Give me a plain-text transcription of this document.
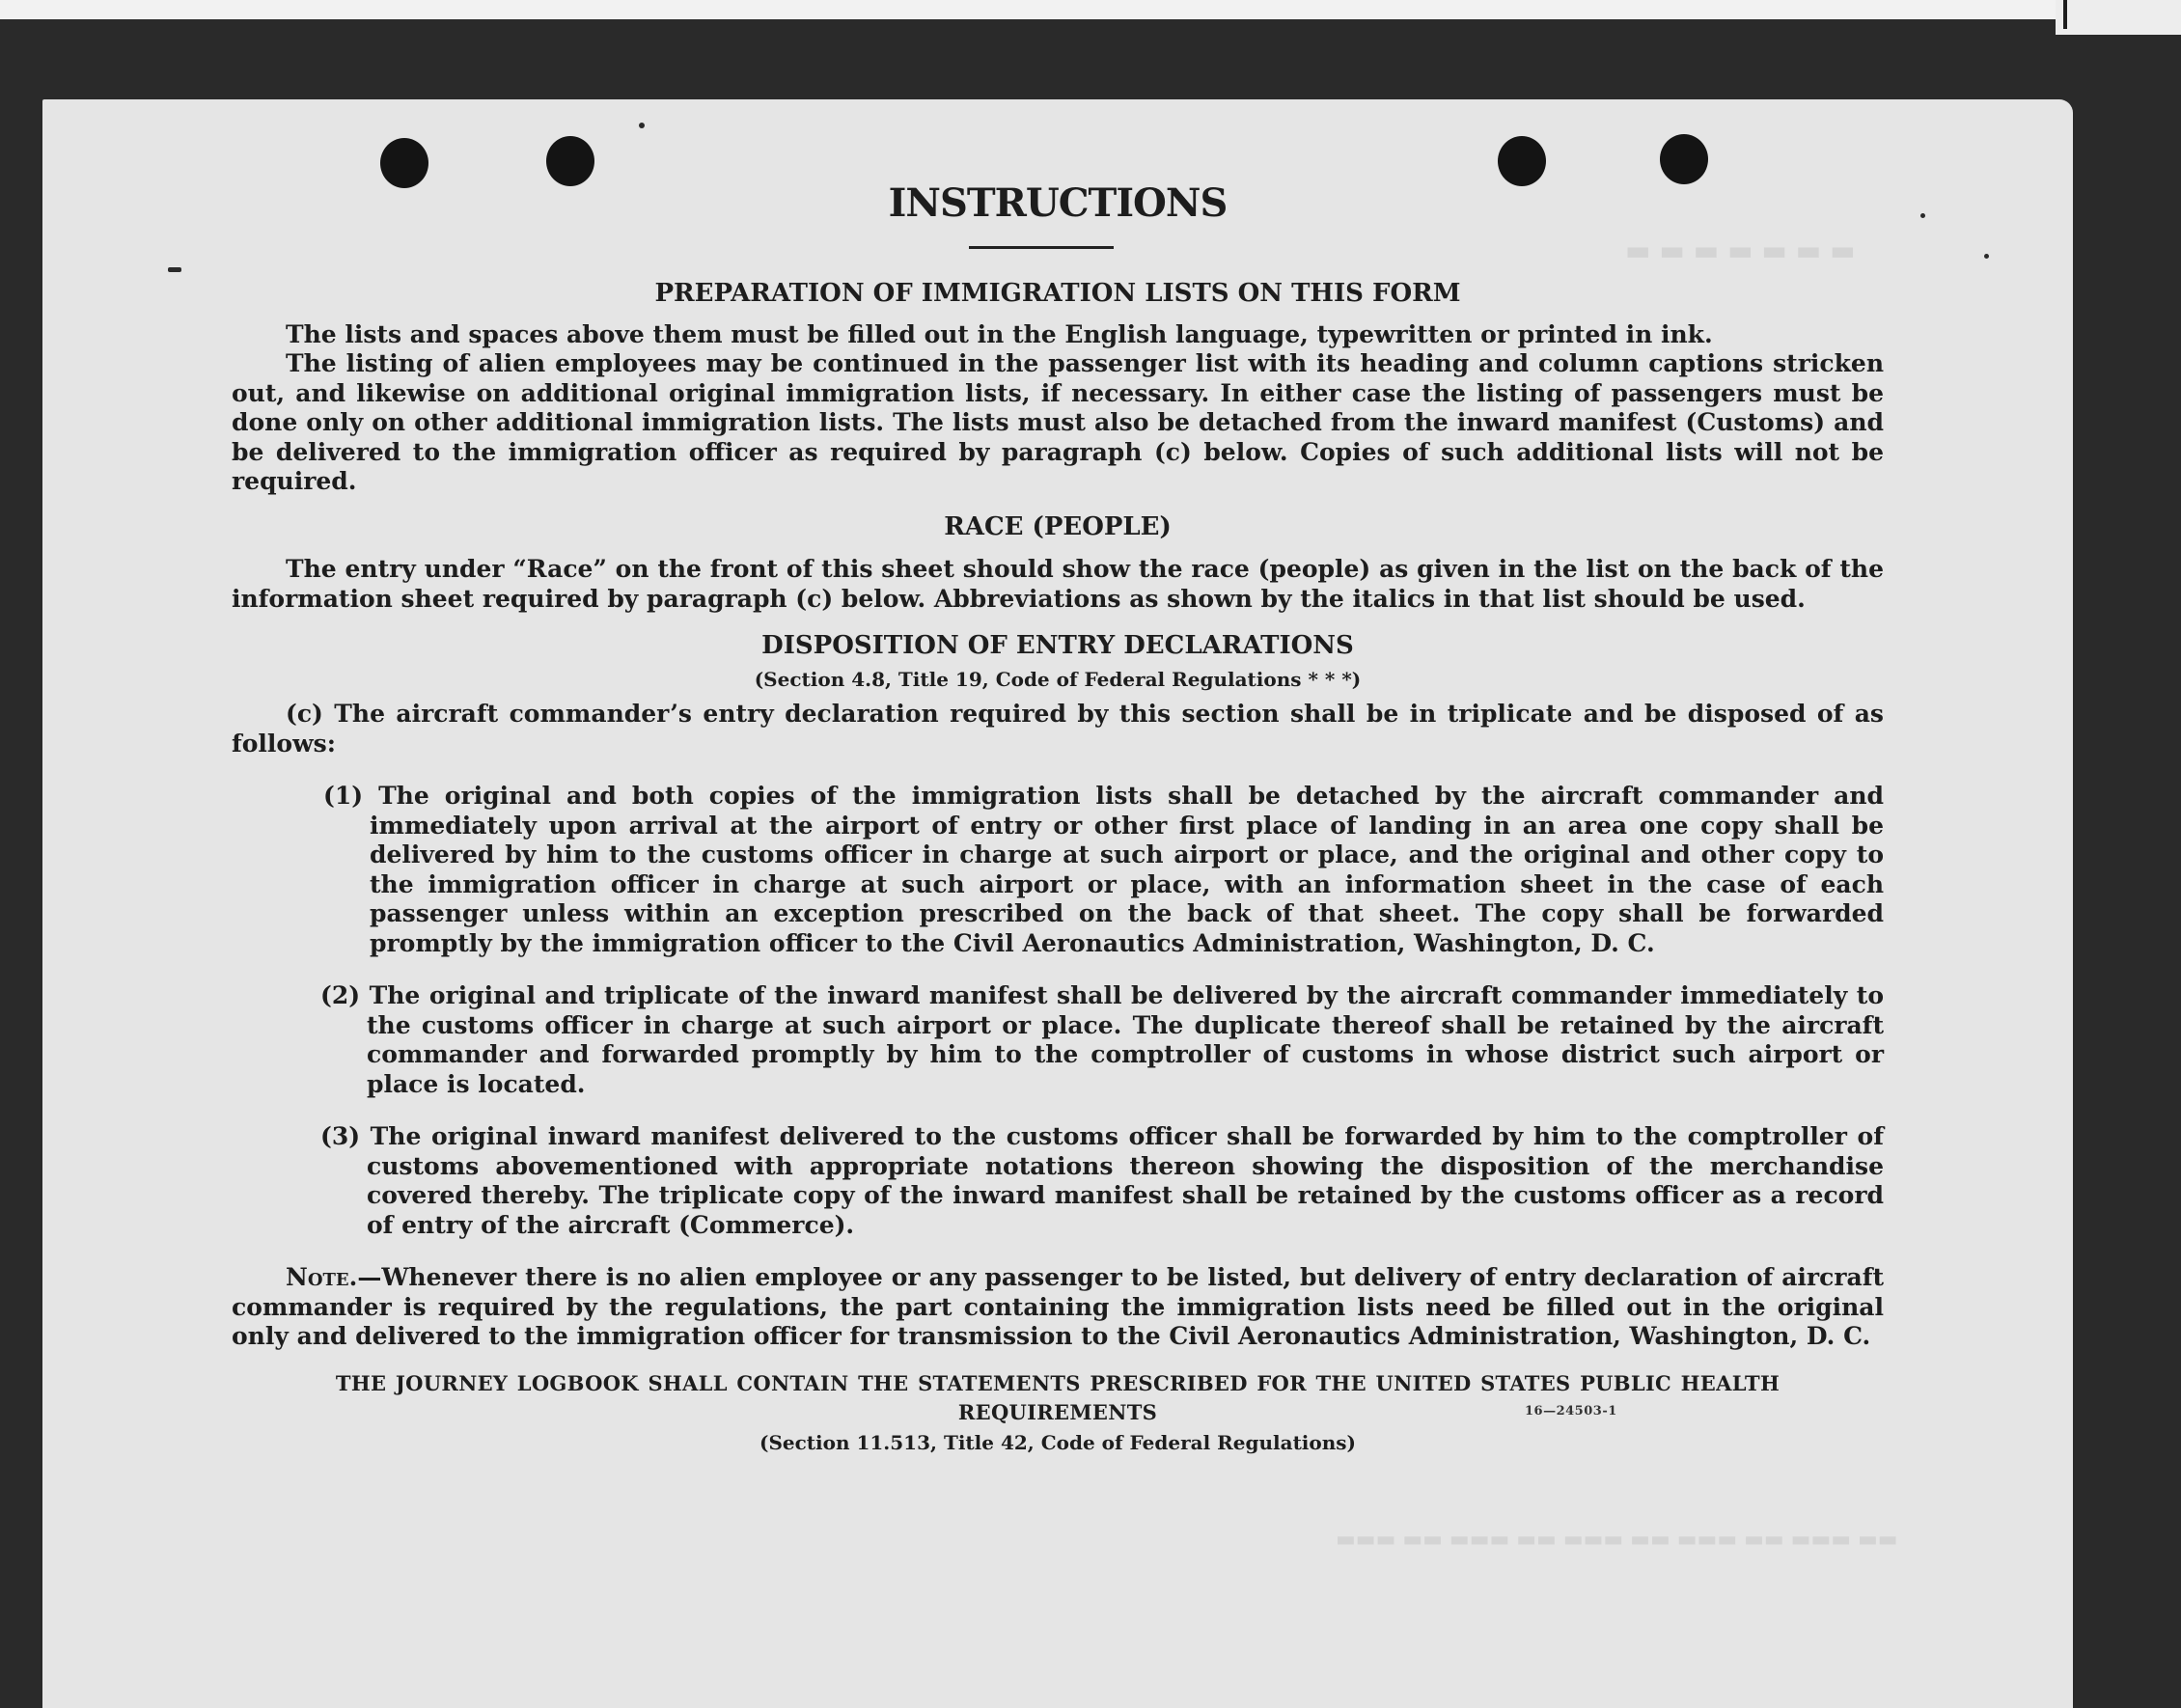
▬ ▬ ▬ ▬ ▬ ▬ ▬
▬▬▬ ▬▬ ▬▬▬ ▬▬ ▬▬▬ ▬▬ ▬▬▬ ▬▬ ▬▬▬ ▬▬
INSTRUCTIONS

PREPARATION OF IMMIGRATION LISTS ON THIS FORM

The lists and spaces above them must be filled out in the English language, typewritten or printed in ink.

The listing of alien employees may be continued in the passenger list with its heading and column captions stricken out, and likewise on additional original immigration lists, if necessary. In either case the listing of passengers must be done only on other additional immigration lists. The lists must also be detached from the inward manifest (Customs) and be delivered to the immigration officer as required by paragraph (c) below. Copies of such additional lists will not be required.

RACE (PEOPLE)

The entry under “Race” on the front of this sheet should show the race (people) as given in the list on the back of the information sheet required by paragraph (c) below. Abbreviations as shown by the italics in that list should be used.

DISPOSITION OF ENTRY DECLARATIONS

(Section 4.8, Title 19, Code of Federal Regulations * * *)

(c) The aircraft commander’s entry declaration required by this section shall be in triplicate and be disposed of as follows:

(1) The original and both copies of the immigration lists shall be detached by the aircraft commander and immediately upon arrival at the airport of entry or other first place of landing in an area one copy shall be delivered by him to the customs officer in charge at such airport or place, and the original and other copy to the immigration officer in charge at such airport or place, with an information sheet in the case of each passenger unless within an exception prescribed on the back of that sheet. The copy shall be forwarded promptly by the immigration officer to the Civil Aeronautics Administration, Washington, D. C.

(2) The original and triplicate of the inward manifest shall be delivered by the aircraft commander immediately to the customs officer in charge at such airport or place. The duplicate thereof shall be retained by the aircraft commander and forwarded promptly by him to the comptroller of customs in whose district such airport or place is located.

(3) The original inward manifest delivered to the customs officer shall be forwarded by him to the comptroller of customs abovementioned with appropriate notations thereon showing the disposition of the merchandise covered thereby. The triplicate copy of the inward manifest shall be retained by the customs officer as a record of entry of the aircraft (Commerce).

Note.—Whenever there is no alien employee or any passenger to be listed, but delivery of entry declaration of aircraft commander is required by the regulations, the part containing the immigration lists need be filled out in the original only and delivered to the immigration officer for transmission to the Civil Aeronautics Administration, Washington, D. C.

THE JOURNEY LOGBOOK SHALL CONTAIN THE STATEMENTS PRESCRIBED FOR THE UNITED STATES PUBLIC HEALTH REQUIREMENTS

(Section 11.513, Title 42, Code of Federal Regulations)

16—24503-1
